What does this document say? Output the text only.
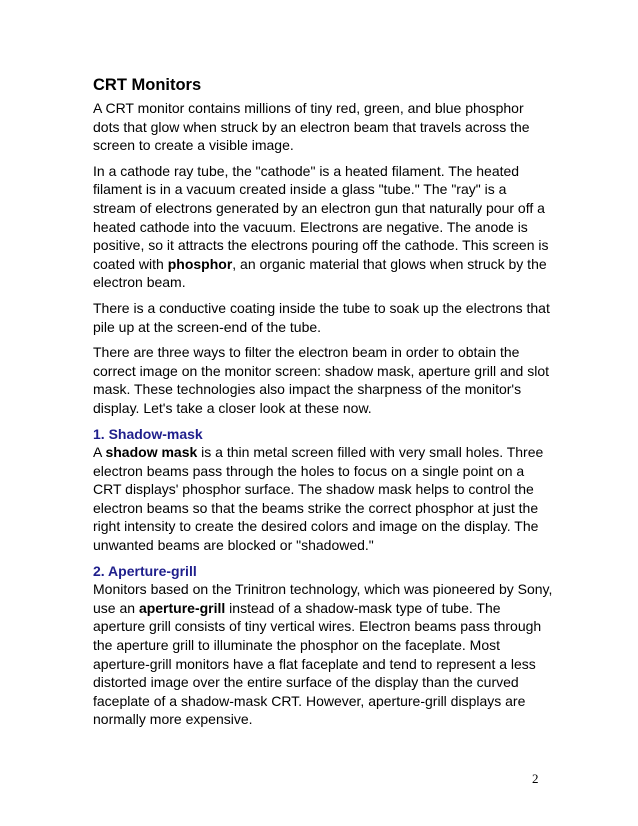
CRT Monitors

A CRT monitor contains millions of tiny red, green, and blue phosphor dots that glow when struck by an electron beam that travels across the screen to create a visible image.

In a cathode ray tube, the "cathode" is a heated filament. The heated filament is in a vacuum created inside a glass "tube." The "ray" is a stream of electrons generated by an electron gun that naturally pour off a heated cathode into the vacuum. Electrons are negative. The anode is positive, so it attracts the electrons pouring off the cathode. This screen is coated with phosphor, an organic material that glows when struck by the electron beam.

There is a conductive coating inside the tube to soak up the electrons that pile up at the screen-end of the tube.

There are three ways to filter the electron beam in order to obtain the correct image on the monitor screen: shadow mask, aperture grill and slot mask. These technologies also impact the sharpness of the monitor's display. Let's take a closer look at these now.

1. Shadow-mask

A shadow mask is a thin metal screen filled with very small holes. Three electron beams pass through the holes to focus on a single point on a CRT displays' phosphor surface. The shadow mask helps to control the electron beams so that the beams strike the correct phosphor at just the right intensity to create the desired colors and image on the display. The unwanted beams are blocked or "shadowed."

2. Aperture-grill

Monitors based on the Trinitron technology, which was pioneered by Sony, use an aperture-grill instead of a shadow-mask type of tube. The aperture grill consists of tiny vertical wires. Electron beams pass through the aperture grill to illuminate the phosphor on the faceplate. Most aperture-grill monitors have a flat faceplate and tend to represent a less distorted image over the entire surface of the display than the curved faceplate of a shadow-mask CRT. However, aperture-grill displays are normally more expensive.

2
